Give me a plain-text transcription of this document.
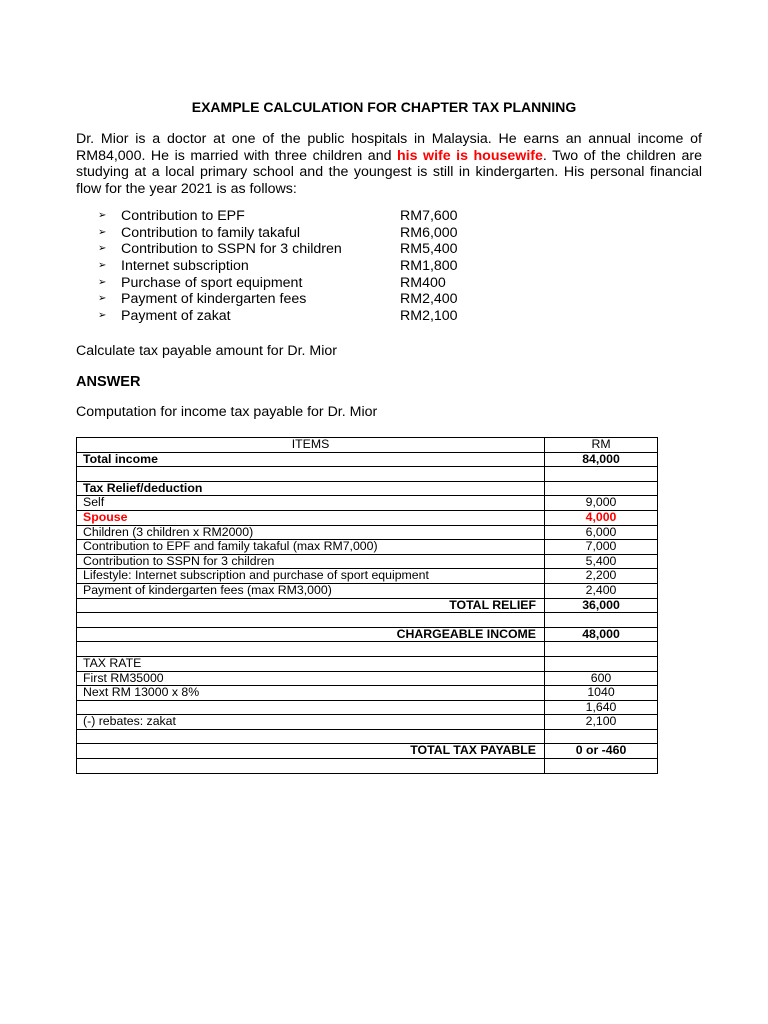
EXAMPLE CALCULATION FOR CHAPTER TAX PLANNING

Dr. Mior is a doctor at one of the public hospitals in Malaysia. He earns an annual income of RM84,000. He is married with three children and his wife is housewife. Two of the children are studying at a local primary school and the youngest is still in kindergarten. His personal financial flow for the year 2021 is as follows:

➢ Contribution to EPF	RM7,600
➢ Contribution to family takaful	RM6,000
➢ Contribution to SSPN for 3 children	RM5,400
➢ Internet subscription	RM1,800
➢ Purchase of sport equipment	RM400
➢ Payment of kindergarten fees	RM2,400
➢ Payment of zakat	RM2,100
Calculate tax payable amount for Dr. Mior
ANSWER
Computation for income tax payable for Dr. Mior
ITEMS	RM
Total income	84,000

Tax Relief/deduction	
Self	9,000
Spouse	4,000
Children (3 children x RM2000)	6,000
Contribution to EPF and family takaful (max RM7,000)	7,000
Contribution to SSPN for 3 children	5,400
Lifestyle: Internet subscription and purchase of sport equipment	2,200
Payment of kindergarten fees (max RM3,000)	2,400
TOTAL RELIEF	36,000

CHARGEABLE INCOME	48,000

TAX RATE	
First RM35000	600
Next RM 13000 x 8%	1040
	1,640
(-) rebates: zakat	2,100

TOTAL TAX PAYABLE	0 or -460
